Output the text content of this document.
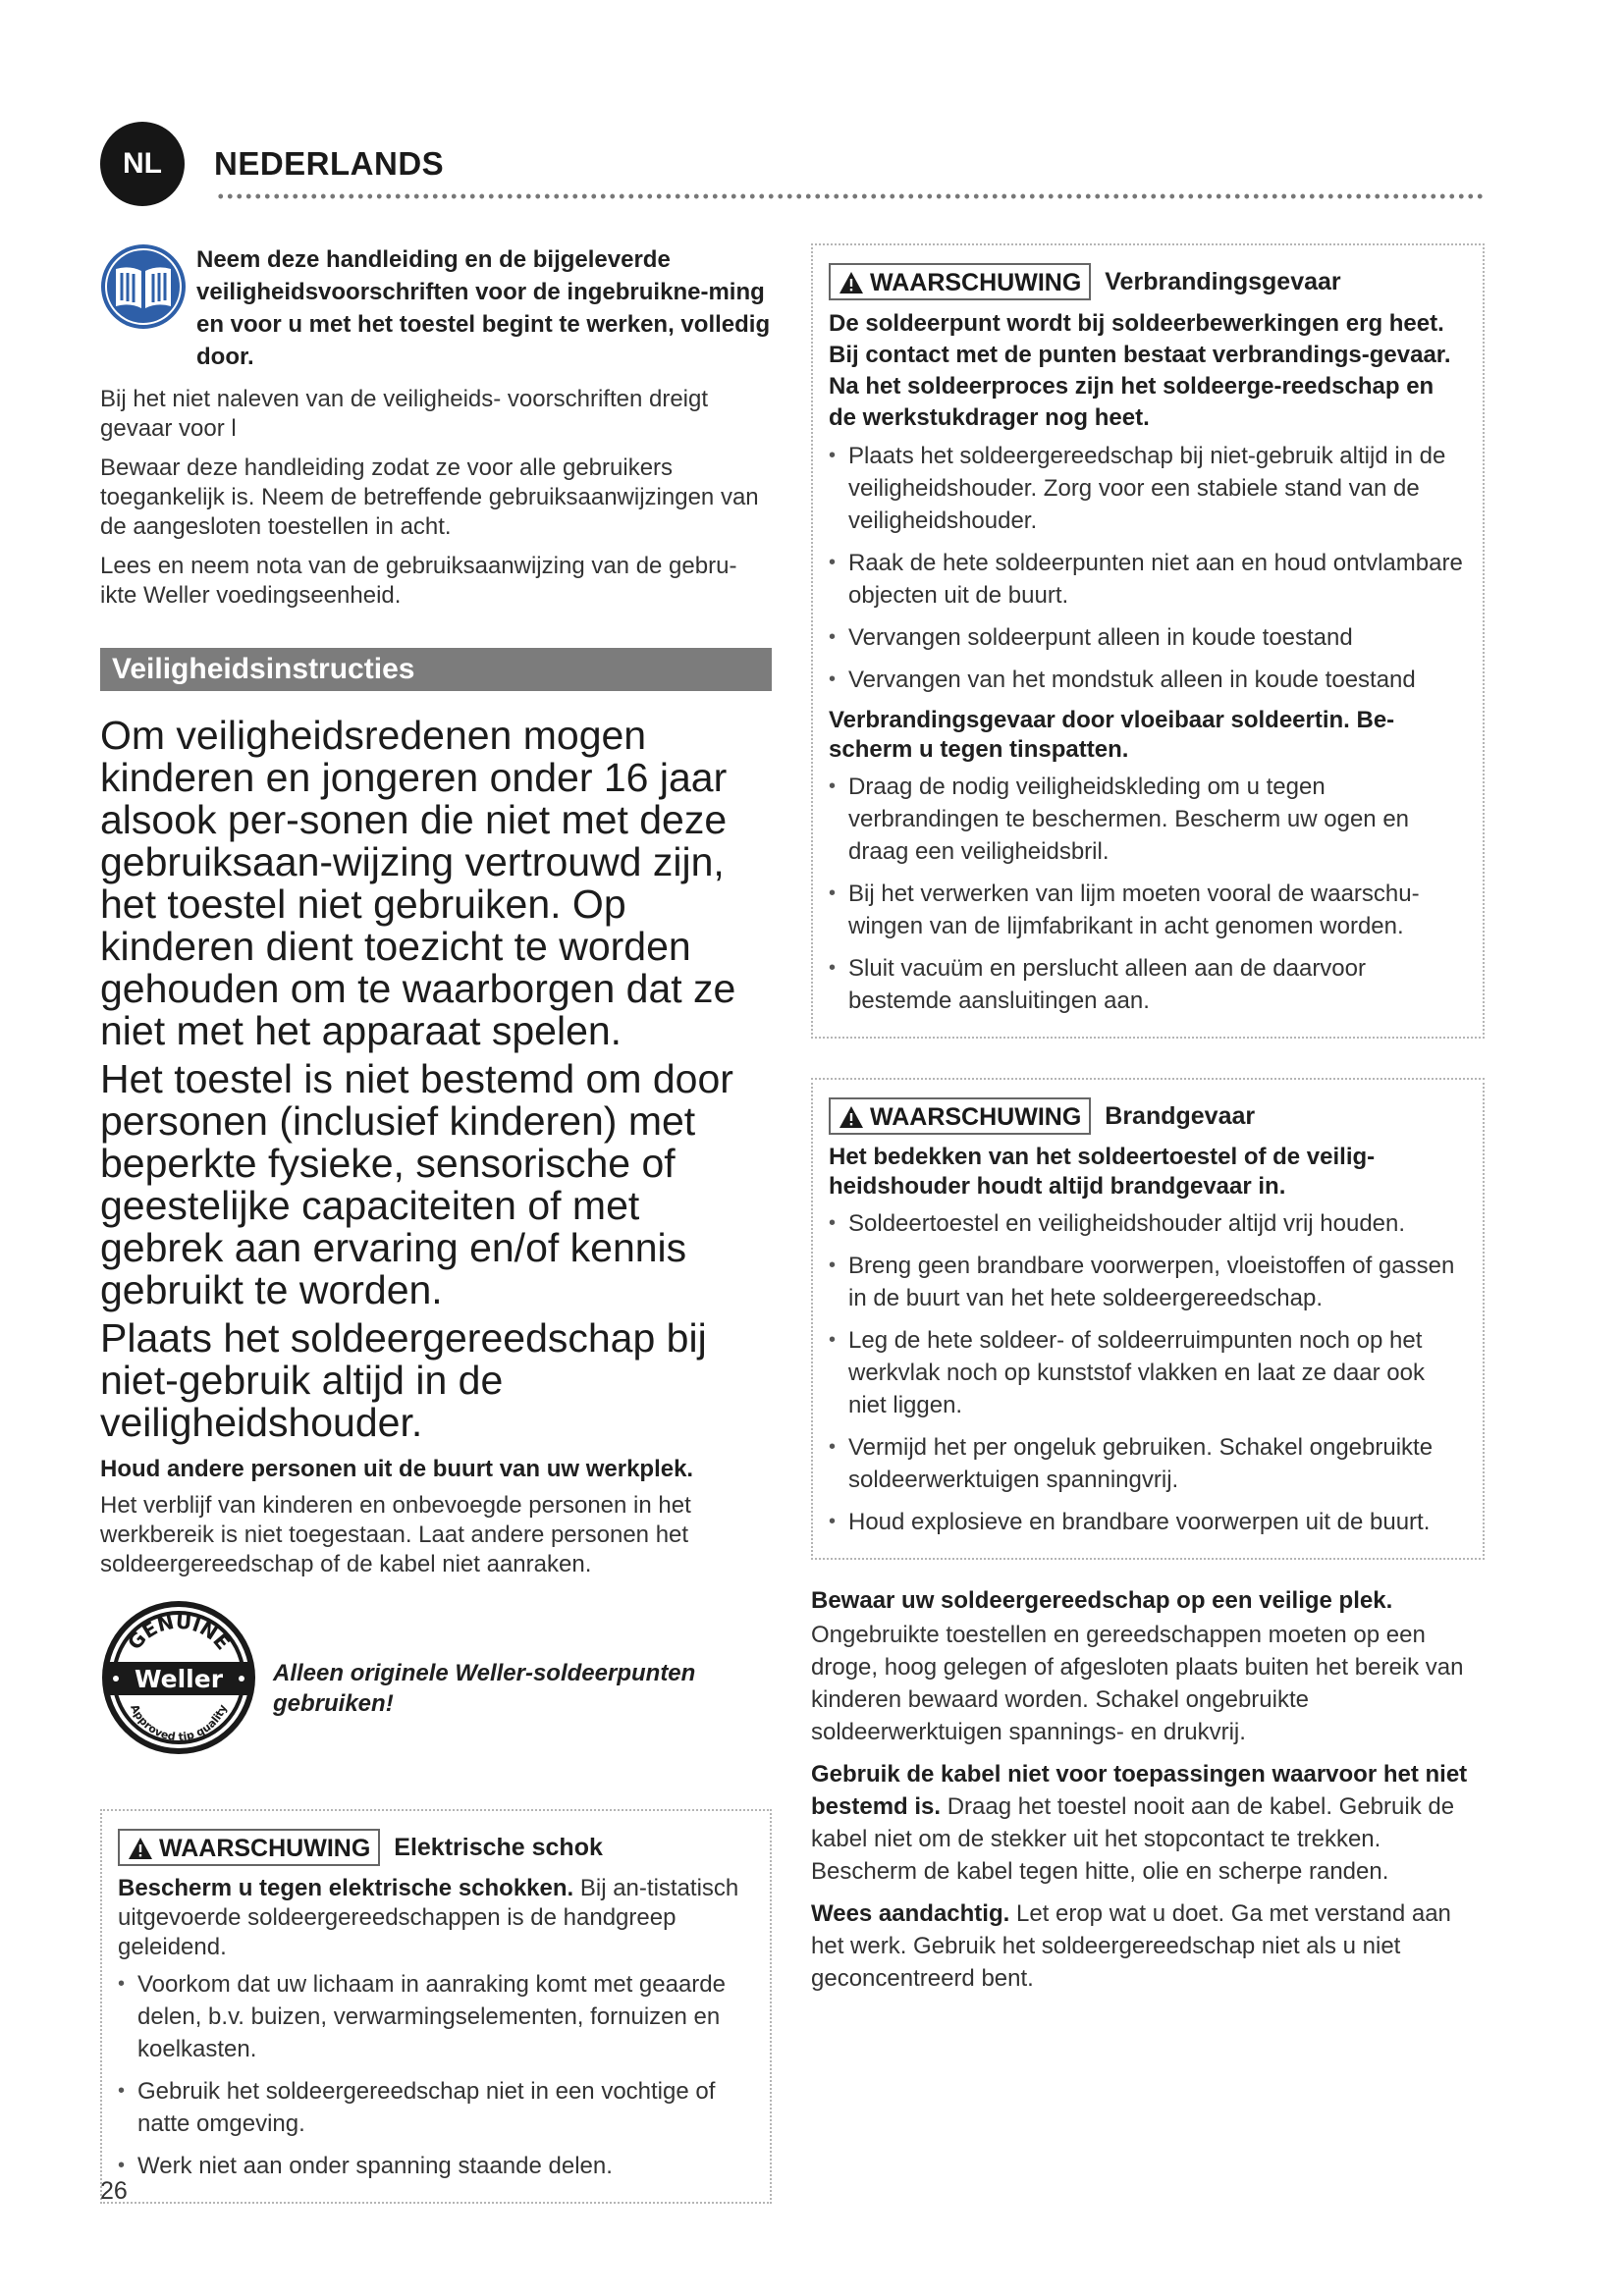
NL NEDERLANDS
Neem deze handleiding en de bijgeleverde veiligheidsvoorschriften voor de ingebruikne-ming en voor u met het toestel begint te werken, volledig door.

Bij het niet naleven van de veiligheids- voorschriften dreigt gevaar voor l

Bewaar deze handleiding zodat ze voor alle gebruikers toegankelijk is. Neem de betreffende gebruiksaanwijzingen van de aangesloten toestellen in acht.

Lees en neem nota van de gebruiksaanwijzing van de gebru-ikte Weller voedingseenheid.

Veiligheidsinstructies

Om veiligheidsredenen mogen kinderen en jongeren onder 16 jaar alsook per-sonen die niet met deze gebruiksaan-wijzing vertrouwd zijn, het toestel niet gebruiken. Op kinderen dient toezicht te worden gehouden om te waarborgen dat ze niet met het apparaat spelen.

Het toestel is niet bestemd om door personen (inclusief kinderen) met beperkte fysieke, sensorische of geestelijke capaciteiten of met gebrek aan ervaring en/of kennis gebruikt te worden.

Plaats het soldeergereedschap bij niet-gebruik altijd in de veiligheidshouder.

Houd andere personen uit de buurt van uw werkplek.

Het verblijf van kinderen en onbevoegde personen in het werkbereik is niet toegestaan. Laat andere personen het soldeergereedschap of de kabel niet aanraken.

GENUINE
Weller
Approved tip quality
Alleen originele Weller-soldeerpunten gebruiken!
WAARSCHUWING Elektrische schok

Bescherm u tegen elektrische schokken. Bij an-tistatisch uitgevoerde soldeergereedschappen is de handgreep geleidend.

• Voorkom dat uw lichaam in aanraking komt met geaarde delen, b.v. buizen, verwarmingselementen, fornuizen en koelkasten.
• Gebruik het soldeergereedschap niet in een vochtige of natte omgeving.
• Werk niet aan onder spanning staande delen.
WAARSCHUWING Verbrandingsgevaar

De soldeerpunt wordt bij soldeerbewerkingen erg heet. Bij contact met de punten bestaat verbrandings-gevaar. Na het soldeerproces zijn het soldeerge-reedschap en de werkstukdrager nog heet.

• Plaats het soldeergereedschap bij niet-gebruik altijd in de veiligheidshouder. Zorg voor een stabiele stand van de veiligheidshouder.
• Raak de hete soldeerpunten niet aan en houd ontvlambare objecten uit de buurt.
• Vervangen soldeerpunt alleen in koude toestand
• Vervangen van het mondstuk alleen in koude toestand

Verbrandingsgevaar door vloeibaar soldeertin. Be-scherm u tegen tinspatten.

• Draag de nodig veiligheidskleding om u tegen verbrandingen te beschermen. Bescherm uw ogen en draag een veiligheidsbril.
• Bij het verwerken van lijm moeten vooral de waarschu-wingen van de lijmfabrikant in acht genomen worden.
• Sluit vacuüm en perslucht alleen aan de daarvoor bestemde aansluitingen aan.
WAARSCHUWING Brandgevaar

Het bedekken van het soldeertoestel of de veilig-heidshouder houdt altijd brandgevaar in.

• Soldeertoestel en veiligheidshouder altijd vrij houden.
• Breng geen brandbare voorwerpen, vloeistoffen of gassen in de buurt van het hete soldeergereedschap.
• Leg de hete soldeer- of soldeerruimpunten noch op het werkvlak noch op kunststof vlakken en laat ze daar ook niet liggen.
• Vermijd het per ongeluk gebruiken. Schakel ongebruikte soldeerwerktuigen spanningvrij.
• Houd explosieve en brandbare voorwerpen uit de buurt.

Bewaar uw soldeergereedschap op een veilige plek.

Ongebruikte toestellen en gereedschappen moeten op een droge, hoog gelegen of afgesloten plaats buiten het bereik van kinderen bewaard worden. Schakel ongebruikte soldeerwerktuigen spannings- en drukvrij.

Gebruik de kabel niet voor toepassingen waarvoor het niet bestemd is. Draag het toestel nooit aan de kabel. Gebruik de kabel niet om de stekker uit het stopcontact te trekken. Bescherm de kabel tegen hitte, olie en scherpe randen.

Wees aandachtig. Let erop wat u doet. Ga met verstand aan het werk. Gebruik het soldeergereedschap niet als u niet geconcentreerd bent.

26
